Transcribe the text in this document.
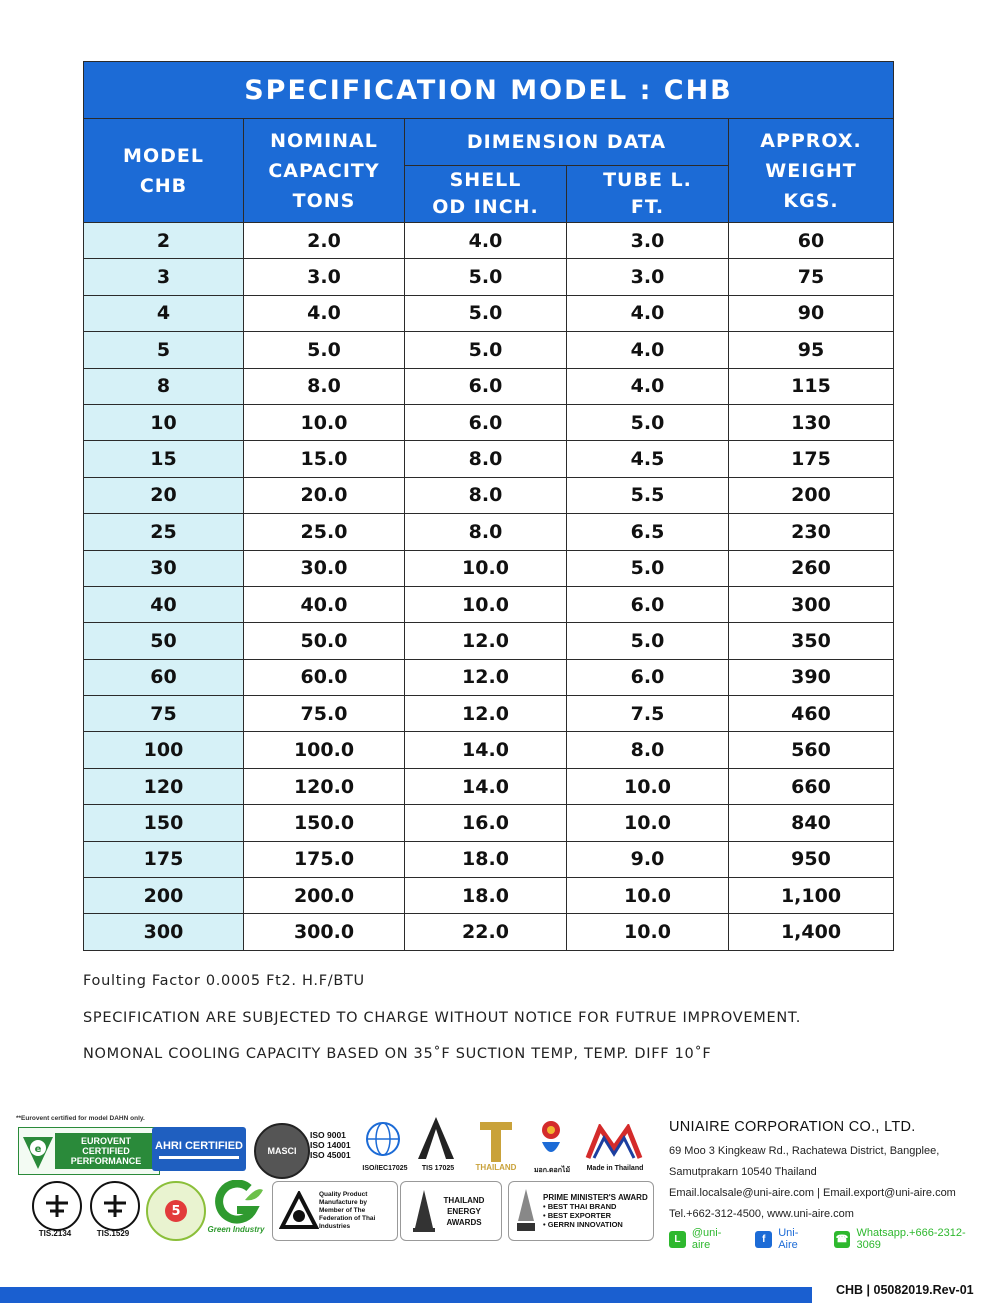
SPECIFICATION MODEL : CHB				
MODEL CHB	NOMINAL CAPACITY TONS	DIMENSION DATA		APPROX. WEIGHT KGS.
		SHELL OD INCH.	TUBE L. FT.	
2	2.0	4.0	3.0	60
3	3.0	5.0	3.0	75
4	4.0	5.0	4.0	90
5	5.0	5.0	4.0	95
8	8.0	6.0	4.0	115
10	10.0	6.0	5.0	130
15	15.0	8.0	4.5	175
20	20.0	8.0	5.5	200
25	25.0	8.0	6.5	230
30	30.0	10.0	5.0	260
40	40.0	10.0	6.0	300
50	50.0	12.0	5.0	350
60	60.0	12.0	6.0	390
75	75.0	12.0	7.5	460
100	100.0	14.0	8.0	560
120	120.0	14.0	10.0	660
150	150.0	16.0	10.0	840
175	175.0	18.0	9.0	950
200	200.0	18.0	10.0	1,100
300	300.0	22.0	10.0	1,400
Foulting Factor 0.0005 Ft2. H.F/BTU
SPECIFICATION ARE SUBJECTED TO CHARGE WITHOUT NOTICE FOR FUTRUE IMPROVEMENT.
NOMONAL COOLING CAPACITY BASED ON 35˚F SUCTION TEMP, TEMP. DIFF 10˚F
**Eurovent certified for model DAHN only.
e
EUROVENT CERTIFIED PERFORMANCE
AHRI CERTIFIED	MASCI
ISO 9001 ISO 14001 ISO 45001
ISO/IEC17025	TIS 17025	THAILAND	มอก.ดอกไม้	Made in Thailand
TIS.2134	TIS.1529
5
Green Industry
Quality Product Manufacture by Member of The Federation of Thai Industries
THAILAND ENERGY AWARDS
PRIME MINISTER'S AWARD
• BEST THAI BRAND
• BEST EXPORTER
• GERRN INNOVATION
UNIAIRE CORPORATION CO., LTD.
69 Moo 3 Kingkeaw Rd., Rachatewa District, Bangplee,
Samutprakarn 10540 Thailand
Email.localsale@uni-aire.com | Email.export@uni-aire.com
Tel.+662-312-4500, www.uni-aire.com
L	@uni-aire	f	Uni-Aire	☎ Whatsapp.+666-2312-3069
CHB | 05082019.Rev-01
